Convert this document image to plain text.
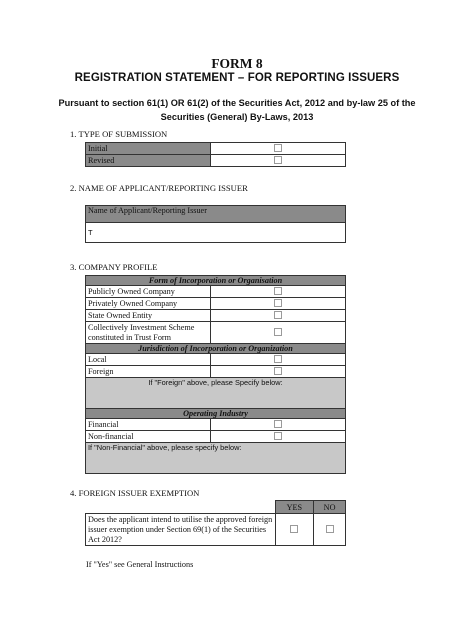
FORM 8
REGISTRATION STATEMENT – FOR REPORTING ISSUERS
Pursuant to section 61(1) OR 61(2) of the Securities Act, 2012 and by-law 25 of the Securities (General) By-Laws, 2013
1. TYPE OF SUBMISSION
Initial	
Revised	
2. NAME OF APPLICANT/REPORTING ISSUER
Name of Applicant/Reporting Issuer
T
3. COMPANY PROFILE
Form of Incorporation or Organisation	
Publicly Owned Company	
Privately Owned Company	
State Owned Entity	
Collectively Investment Scheme constituted in Trust Form	
Jurisdiction of Incorporation or Organization	
Local	
Foreign	
If "Foreign" above, please Specify below:	
Operating Industry	
Financial	
Non-financial	
If "Non-Financial" above, please specify below:	
4. FOREIGN ISSUER EXEMPTION
	YES	NO
Does the applicant intend to utilise the approved foreign issuer exemption under Section 69(1) of the Securities Act 2012?		
If "Yes" see General Instructions
